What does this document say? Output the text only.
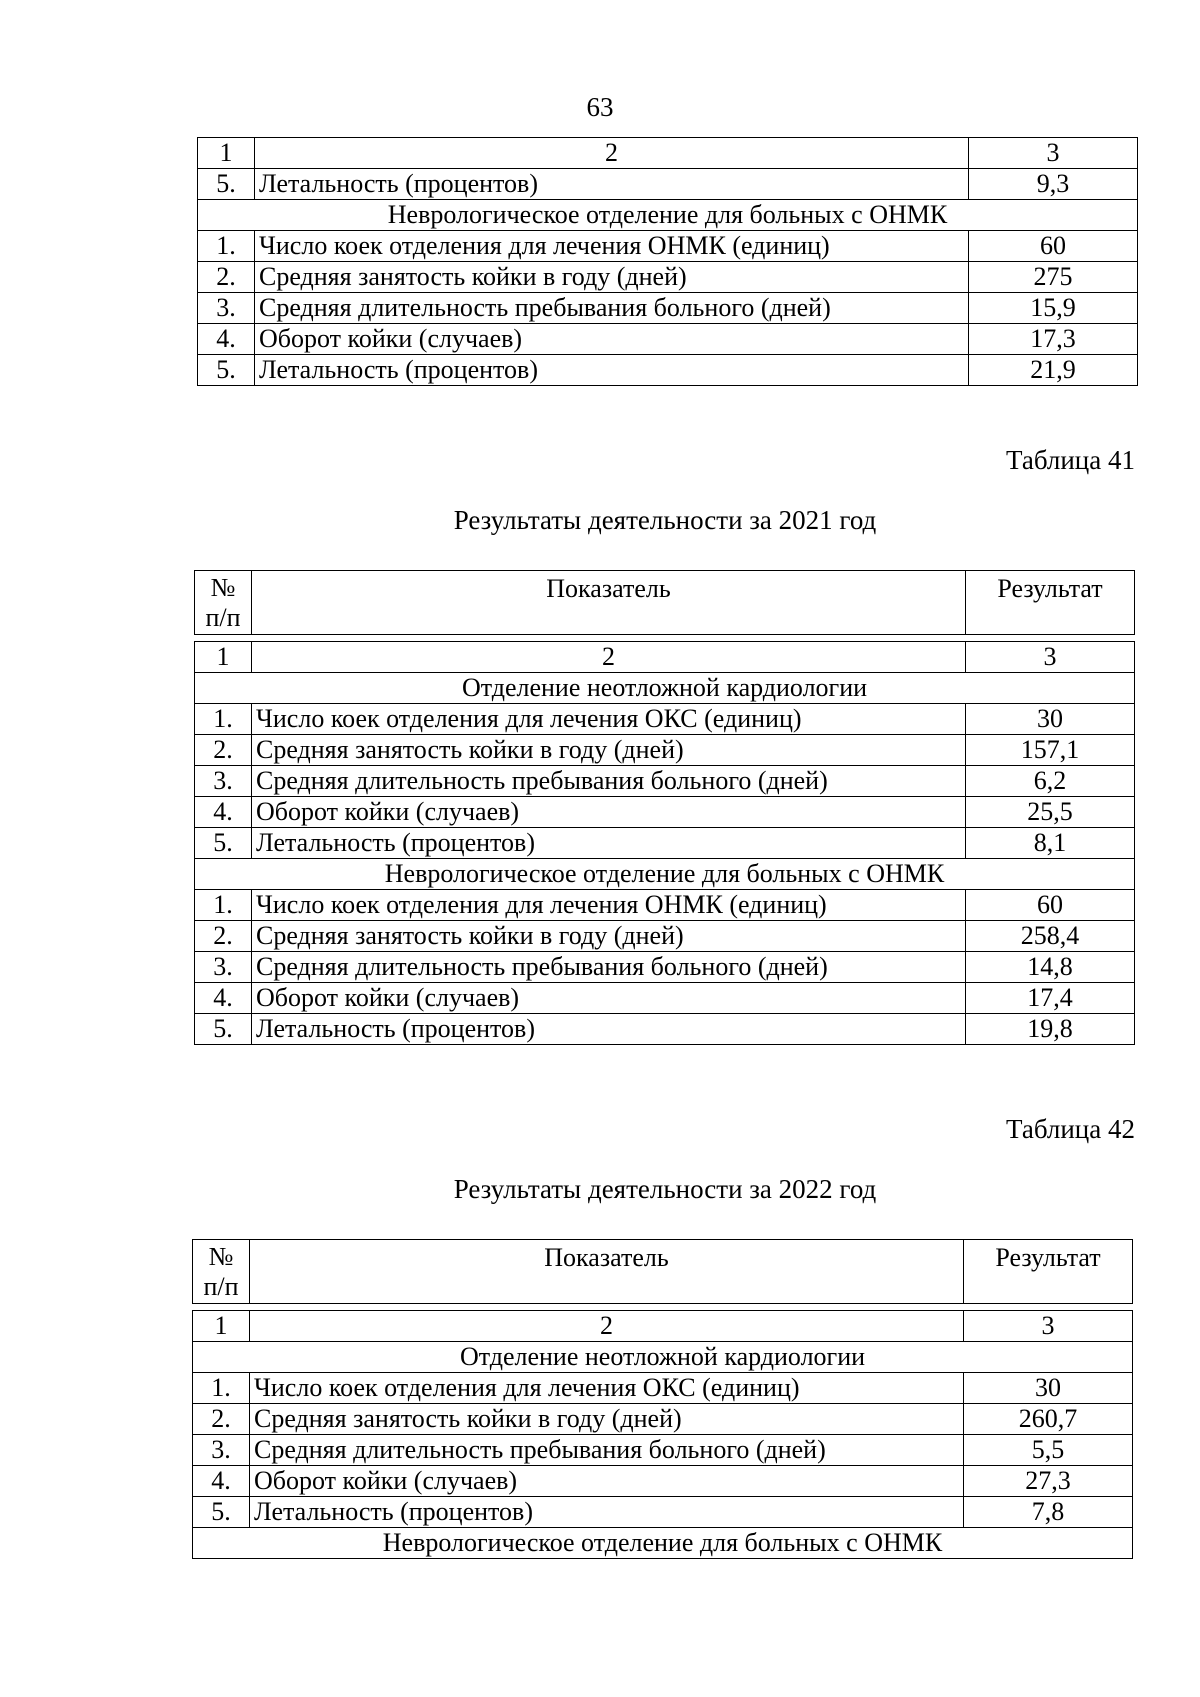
63
1	2	3
5.	Летальность (процентов)	9,3
Неврологическое отделение для больных с ОНМК		
1.	Число коек отделения для лечения ОНМК (единиц)	60
2.	Средняя занятость койки в году (дней)	275
3.	Средняя длительность пребывания больного (дней)	15,9
4.	Оборот койки (случаев)	17,3
5.	Летальность (процентов)	21,9
Таблица 41
Результаты деятельности за 2021 год
№ п/п	Показатель	Результат
1	2	3
Отделение неотложной кардиологии		
1.	Число коек отделения для лечения ОКС (единиц)	30
2.	Средняя занятость койки в году (дней)	157,1
3.	Средняя длительность пребывания больного (дней)	6,2
4.	Оборот койки (случаев)	25,5
5.	Летальность (процентов)	8,1
Неврологическое отделение для больных с ОНМК		
1.	Число коек отделения для лечения ОНМК (единиц)	60
2.	Средняя занятость койки в году (дней)	258,4
3.	Средняя длительность пребывания больного (дней)	14,8
4.	Оборот койки (случаев)	17,4
5.	Летальность (процентов)	19,8
Таблица 42
Результаты деятельности за 2022 год
№ п/п	Показатель	Результат
1	2	3
Отделение неотложной кардиологии		
1.	Число коек отделения для лечения ОКС (единиц)	30
2.	Средняя занятость койки в году (дней)	260,7
3.	Средняя длительность пребывания больного (дней)	5,5
4.	Оборот койки (случаев)	27,3
5.	Летальность (процентов)	7,8
Неврологическое отделение для больных с ОНМК		
